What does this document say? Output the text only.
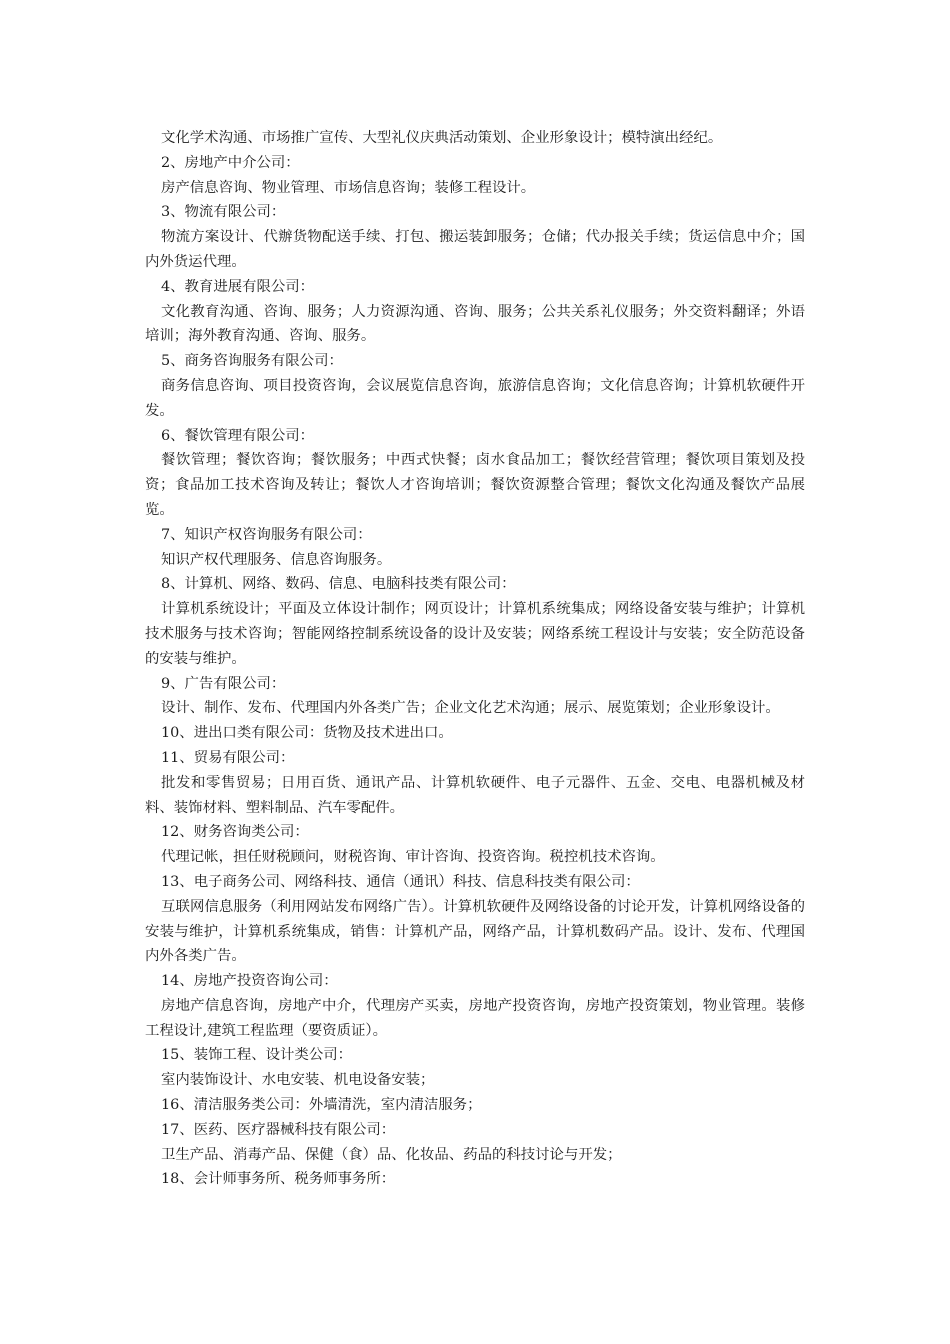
文化学术沟通、市场推广宣传、大型礼仪庆典活动策划、企业形象设计；模特演出经纪。

2、房地产中介公司：

房产信息咨询、物业管理、市场信息咨询；装修工程设计。

3、物流有限公司：

物流方案设计、代辦货物配送手续、打包、搬运装卸服务；仓储；代办报关手续；货运信息中介；国内外货运代理。

4、教育进展有限公司：

文化教育沟通、咨询、服务；人力资源沟通、咨询、服务；公共关系礼仪服务；外交资料翻译；外语培训；海外教育沟通、咨询、服务。

5、商务咨询服务有限公司：

商务信息咨询、项目投资咨询，会议展览信息咨询，旅游信息咨询；文化信息咨询；计算机软硬件开发。

6、餐饮管理有限公司：

餐饮管理；餐饮咨询；餐饮服务；中西式快餐；卤水食品加工；餐饮经营管理；餐饮项目策划及投资；食品加工技术咨询及转让；餐饮人才咨询培训；餐饮资源整合管理；餐饮文化沟通及餐饮产品展览。

7、知识产权咨询服务有限公司：

知识产权代理服务、信息咨询服务。

8、计算机、网络、数码、信息、电脑科技类有限公司：

计算机系统设计；平面及立体设计制作；网页设计；计算机系统集成；网络设备安装与维护；计算机技术服务与技术咨询；智能网络控制系统设备的设计及安装；网络系统工程设计与安装；安全防范设备的安装与维护。

9、广告有限公司：

设计、制作、发布、代理国内外各类广告；企业文化艺术沟通；展示、展览策划；企业形象设计。

10、进出口类有限公司：货物及技术进出口。

11、贸易有限公司：

批发和零售贸易；日用百货、通讯产品、计算机软硬件、电子元器件、五金、交电、电器机械及材料、装饰材料、塑料制品、汽车零配件。

12、财务咨询类公司：

代理记帐，担任财税顾问，财税咨询、审计咨询、投资咨询。税控机技术咨询。

13、电子商务公司、网络科技、通信（通讯）科技、信息科技类有限公司：

互联网信息服务（利用网站发布网络广告）。计算机软硬件及网络设备的讨论开发，计算机网络设备的安装与维护，计算机系统集成，销售：计算机产品，网络产品，计算机数码产品。设计、发布、代理国内外各类广告。

14、房地产投资咨询公司：

房地产信息咨询，房地产中介，代理房产买卖，房地产投资咨询，房地产投资策划，物业管理。装修工程设计,建筑工程监理（要资质证）。

15、装饰工程、设计类公司：

室内装饰设计、水电安装、机电设备安装；

16、清洁服务类公司：外墙清洗，室内清洁服务；

17、医药、医疗器械科技有限公司：

卫生产品、消毒产品、保健（食）品、化妆品、药品的科技讨论与开发；

18、会计师事务所、税务师事务所：
